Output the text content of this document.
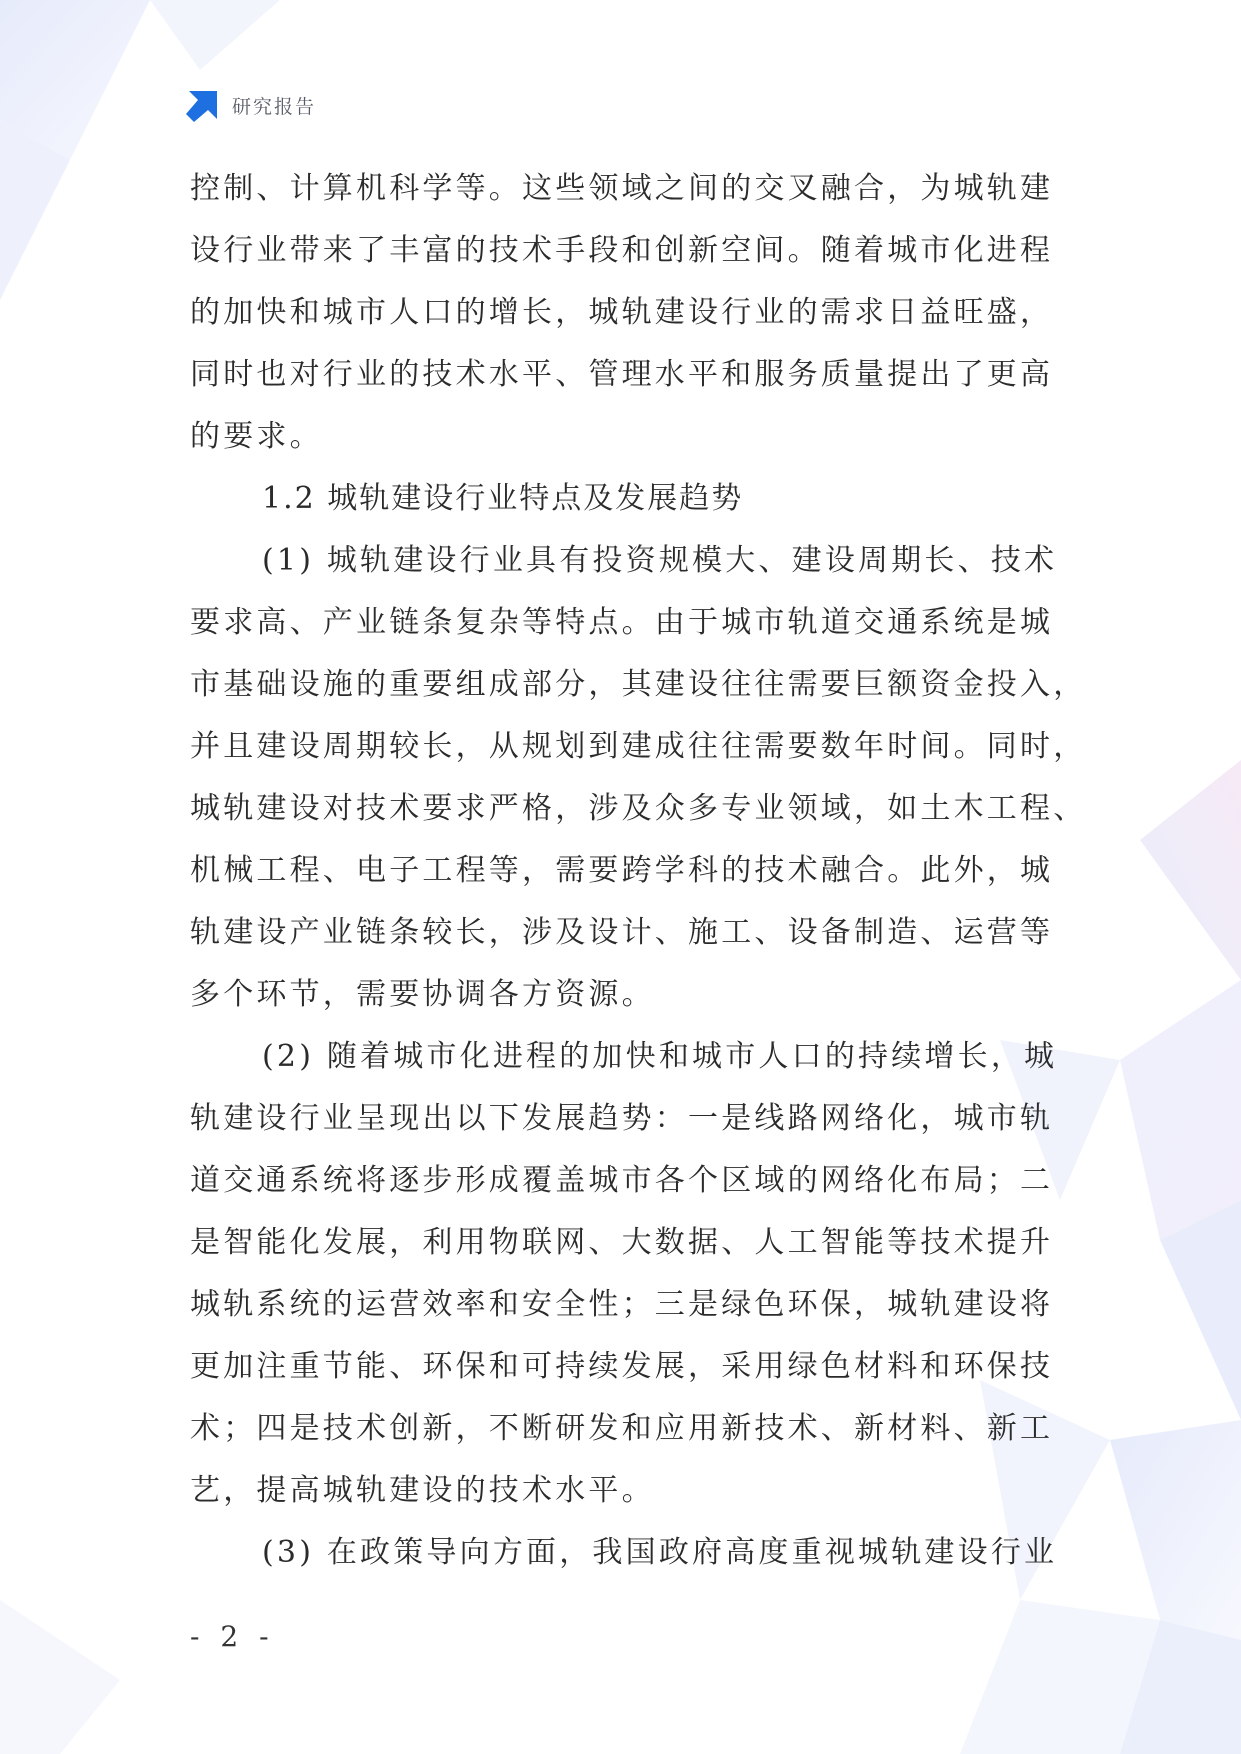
研究报告
控制、计算机科学等。这些领域之间的交叉融合，为城轨建
设行业带来了丰富的技术手段和创新空间。随着城市化进程
的加快和城市人口的增长，城轨建设行业的需求日益旺盛，
同时也对行业的技术水平、管理水平和服务质量提出了更高
的要求。
1.2 城轨建设行业特点及发展趋势
(1) 城轨建设行业具有投资规模大、建设周期长、技术
要求高、产业链条复杂等特点。由于城市轨道交通系统是城
市基础设施的重要组成部分，其建设往往需要巨额资金投入，
并且建设周期较长，从规划到建成往往需要数年时间。同时，
城轨建设对技术要求严格，涉及众多专业领域，如土木工程、
机械工程、电子工程等，需要跨学科的技术融合。此外，城
轨建设产业链条较长，涉及设计、施工、设备制造、运营等
多个环节，需要协调各方资源。
(2) 随着城市化进程的加快和城市人口的持续增长，城
轨建设行业呈现出以下发展趋势：一是线路网络化，城市轨
道交通系统将逐步形成覆盖城市各个区域的网络化布局；二
是智能化发展，利用物联网、大数据、人工智能等技术提升
城轨系统的运营效率和安全性；三是绿色环保，城轨建设将
更加注重节能、环保和可持续发展，采用绿色材料和环保技
术；四是技术创新，不断研发和应用新技术、新材料、新工
艺，提高城轨建设的技术水平。
(3) 在政策导向方面，我国政府高度重视城轨建设行业
- 2 -
